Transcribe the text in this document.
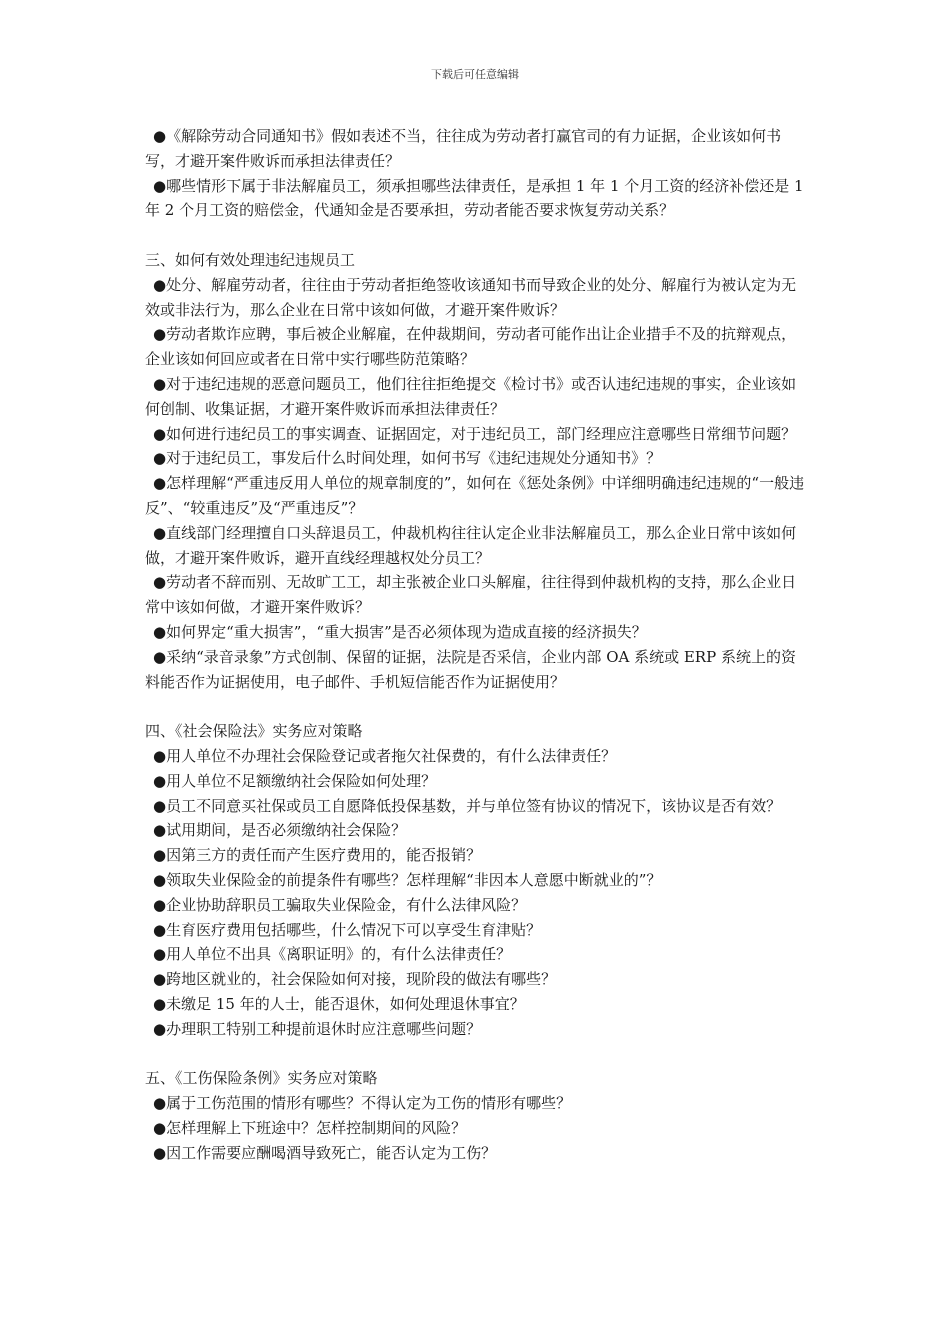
下载后可任意编辑

●《解除劳动合同通知书》假如表述不当，往往成为劳动者打赢官司的有力证据，企业该如何书写，才避开案件败诉而承担法律责任？

●哪些情形下属于非法解雇员工，须承担哪些法律责任，是承担 1 年 1 个月工资的经济补偿还是 1 年 2 个月工资的赔偿金，代通知金是否要承担，劳动者能否要求恢复劳动关系？

三、如何有效处理违纪违规员工

●处分、解雇劳动者，往往由于劳动者拒绝签收该通知书而导致企业的处分、解雇行为被认定为无效或非法行为，那么企业在日常中该如何做，才避开案件败诉？

●劳动者欺诈应聘，事后被企业解雇，在仲裁期间，劳动者可能作出让企业措手不及的抗辩观点，企业该如何回应或者在日常中实行哪些防范策略？

●对于违纪违规的恶意问题员工，他们往往拒绝提交《检讨书》或否认违纪违规的事实，企业该如何创制、收集证据，才避开案件败诉而承担法律责任？

●如何进行违纪员工的事实调查、证据固定，对于违纪员工，部门经理应注意哪些日常细节问题？

●对于违纪员工，事发后什么时间处理，如何书写《违纪违规处分通知书》？

●怎样理解“严重违反用人单位的规章制度的”，如何在《惩处条例》中详细明确违纪违规的“一般违反”、“较重违反”及“严重违反”？

●直线部门经理擅自口头辞退员工，仲裁机构往往认定企业非法解雇员工，那么企业日常中该如何做，才避开案件败诉，避开直线经理越权处分员工？

●劳动者不辞而别、无故旷工工，却主张被企业口头解雇，往往得到仲裁机构的支持，那么企业日常中该如何做，才避开案件败诉？

●如何界定“重大损害”，“重大损害”是否必须体现为造成直接的经济损失？

●采纳“录音录象”方式创制、保留的证据，法院是否采信，企业内部 OA 系统或 ERP 系统上的资料能否作为证据使用，电子邮件、手机短信能否作为证据使用？

四、《社会保险法》实务应对策略

●用人单位不办理社会保险登记或者拖欠社保费的，有什么法律责任？

●用人单位不足额缴纳社会保险如何处理？

●员工不同意买社保或员工自愿降低投保基数，并与单位签有协议的情况下，该协议是否有效？

●试用期间，是否必须缴纳社会保险？

●因第三方的责任而产生医疗费用的，能否报销？

●领取失业保险金的前提条件有哪些？怎样理解“非因本人意愿中断就业的”？

●企业协助辞职员工骗取失业保险金，有什么法律风险？

●生育医疗费用包括哪些，什么情况下可以享受生育津贴？

●用人单位不出具《离职证明》的，有什么法律责任？

●跨地区就业的，社会保险如何对接，现阶段的做法有哪些？

●未缴足 15 年的人士，能否退休，如何处理退休事宜？

●办理职工特别工种提前退休时应注意哪些问题？

五、《工伤保险条例》实务应对策略

●属于工伤范围的情形有哪些？不得认定为工伤的情形有哪些？

●怎样理解上下班途中？怎样控制期间的风险？

●因工作需要应酬喝酒导致死亡，能否认定为工伤？
